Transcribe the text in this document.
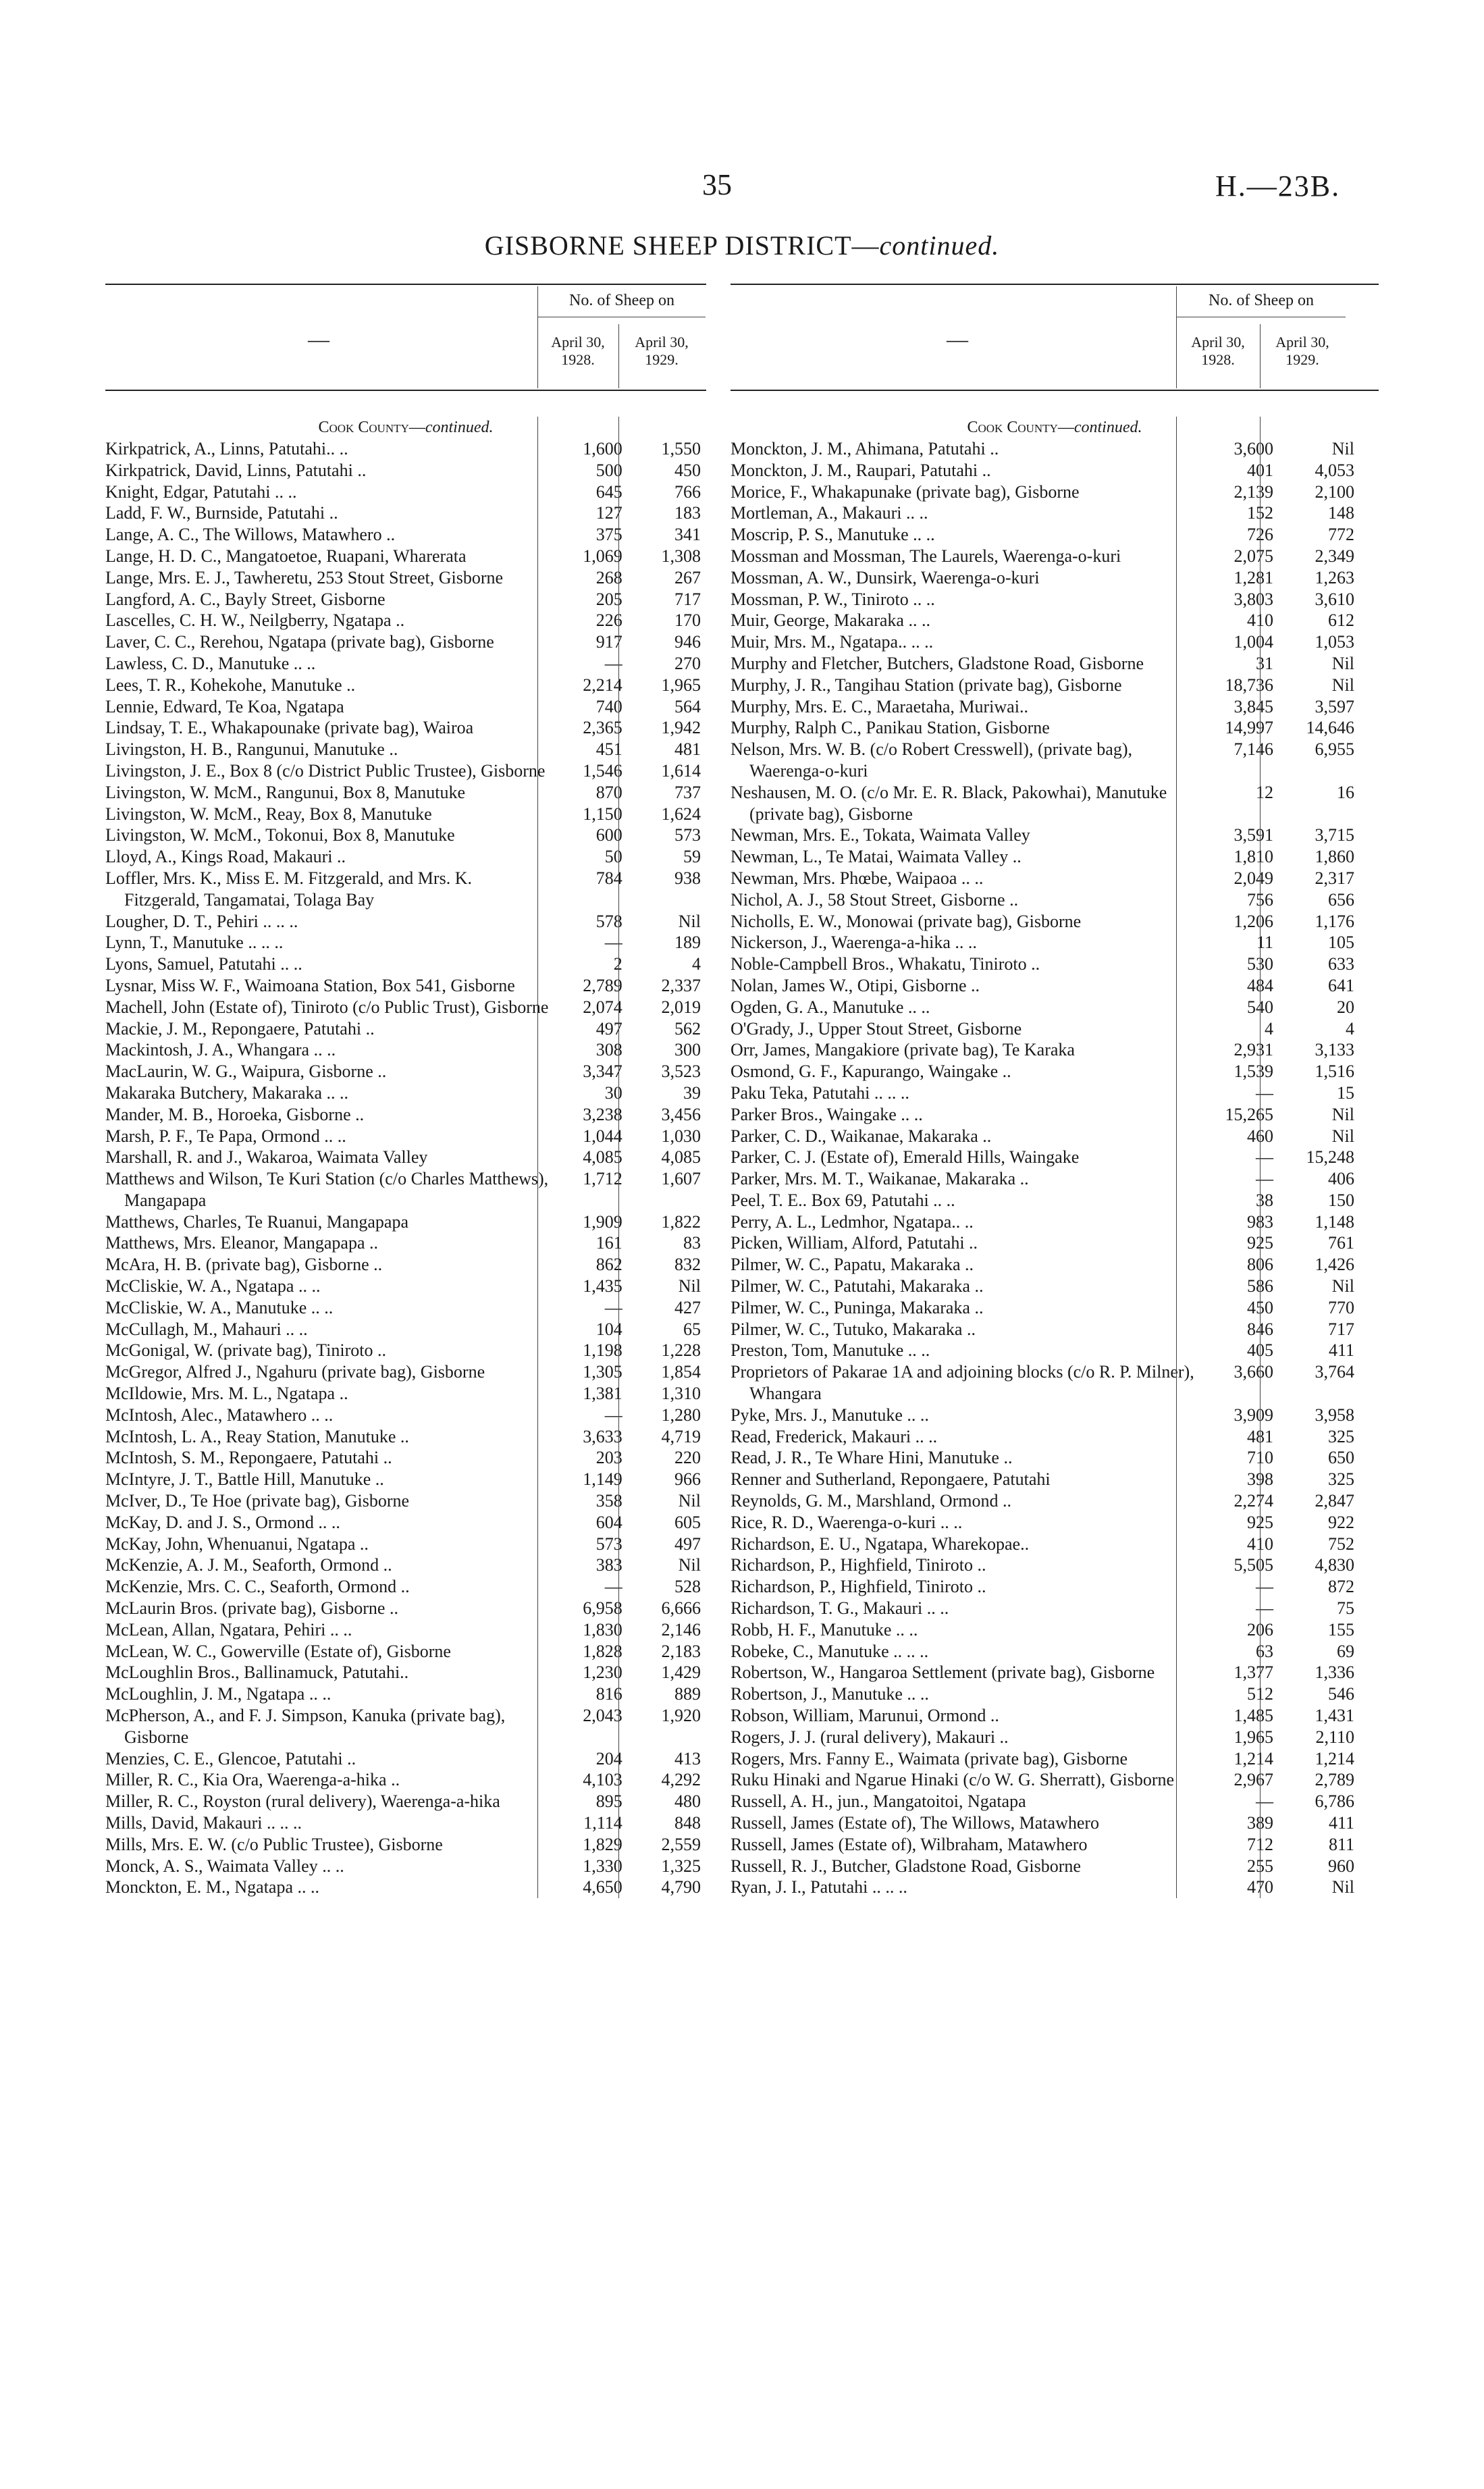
35	H.—23B.
GISBORNE SHEEP DISTRICT—continued.
—
No. of Sheep on
April 30,
1928.
April 30,
1929.
Cook County—continued.
Kirkpatrick, A., Linns, Patutahi.. ..	1,600	1,550
Kirkpatrick, David, Linns, Patutahi ..	500	450
Knight, Edgar, Patutahi .. ..	645	766
Ladd, F. W., Burnside, Patutahi ..	127	183
Lange, A. C., The Willows, Matawhero ..	375	341
Lange, H. D. C., Mangatoetoe, Ruapani, Wharerata	1,069	1,308
Lange, Mrs. E. J., Tawheretu, 253 Stout Street, Gisborne	268	267
Langford, A. C., Bayly Street, Gisborne	205	717
Lascelles, C. H. W., Neilgberry, Ngatapa ..	226	170
Laver, C. C., Rerehou, Ngatapa (private bag), Gisborne	917	946
Lawless, C. D., Manutuke .. ..	—	270
Lees, T. R., Kohekohe, Manutuke ..	2,214	1,965
Lennie, Edward, Te Koa, Ngatapa	740	564
Lindsay, T. E., Whakapounake (private bag), Wairoa	2,365	1,942
Livingston, H. B., Rangunui, Manutuke ..	451	481
Livingston, J. E., Box 8 (c/o District Public Trustee), Gisborne	1,546	1,614
Livingston, W. McM., Rangunui, Box 8, Manutuke	870	737
Livingston, W. McM., Reay, Box 8, Manutuke	1,150	1,624
Livingston, W. McM., Tokonui, Box 8, Manutuke	600	573
Lloyd, A., Kings Road, Makauri ..	50	59
Loffler, Mrs. K., Miss E. M. Fitzgerald, and Mrs. K. Fitzgerald, Tangamatai, Tolaga Bay
784	938
Lougher, D. T., Pehiri .. .. ..	578	Nil
Lynn, T., Manutuke .. .. ..	—	189
Lyons, Samuel, Patutahi .. ..	2	4
Lysnar, Miss W. F., Waimoana Station, Box 541, Gisborne	2,789	2,337
Machell, John (Estate of), Tiniroto (c/o Public Trust), Gisborne	2,074	2,019
Mackie, J. M., Repongaere, Patutahi ..	497	562
Mackintosh, J. A., Whangara .. ..	308	300
MacLaurin, W. G., Waipura, Gisborne ..	3,347	3,523
Makaraka Butchery, Makaraka .. ..	30	39
Mander, M. B., Horoeka, Gisborne ..	3,238	3,456
Marsh, P. F., Te Papa, Ormond .. ..	1,044	1,030
Marshall, R. and J., Wakaroa, Waimata Valley	4,085	4,085
Matthews and Wilson, Te Kuri Station (c/o Charles Matthews), Mangapapa
1,712	1,607
Matthews, Charles, Te Ruanui, Mangapapa	1,909	1,822
Matthews, Mrs. Eleanor, Mangapapa ..	161	83
McAra, H. B. (private bag), Gisborne ..	862	832
McCliskie, W. A., Ngatapa .. ..	1,435	Nil
McCliskie, W. A., Manutuke .. ..	—	427
McCullagh, M., Mahauri .. ..	104	65
McGonigal, W. (private bag), Tiniroto ..	1,198	1,228
McGregor, Alfred J., Ngahuru (private bag), Gisborne	1,305	1,854
McIldowie, Mrs. M. L., Ngatapa ..	1,381	1,310
McIntosh, Alec., Matawhero .. ..	—	1,280
McIntosh, L. A., Reay Station, Manutuke ..	3,633	4,719
McIntosh, S. M., Repongaere, Patutahi ..	203	220
McIntyre, J. T., Battle Hill, Manutuke ..	1,149	966
McIver, D., Te Hoe (private bag), Gisborne	358	Nil
McKay, D. and J. S., Ormond .. ..	604	605
McKay, John, Whenuanui, Ngatapa ..	573	497
McKenzie, A. J. M., Seaforth, Ormond ..	383	Nil
McKenzie, Mrs. C. C., Seaforth, Ormond ..	—	528
McLaurin Bros. (private bag), Gisborne ..	6,958	6,666
McLean, Allan, Ngatara, Pehiri .. ..	1,830	2,146
McLean, W. C., Gowerville (Estate of), Gisborne	1,828	2,183
McLoughlin Bros., Ballinamuck, Patutahi..	1,230	1,429
McLoughlin, J. M., Ngatapa .. ..	816	889
McPherson, A., and F. J. Simpson, Kanuka (private bag), Gisborne
2,043	1,920
Menzies, C. E., Glencoe, Patutahi ..	204	413
Miller, R. C., Kia Ora, Waerenga-a-hika ..	4,103	4,292
Miller, R. C., Royston (rural delivery), Waerenga-a-hika	895	480
Mills, David, Makauri .. .. ..	1,114	848
Mills, Mrs. E. W. (c/o Public Trustee), Gisborne	1,829	2,559
Monck, A. S., Waimata Valley .. ..	1,330	1,325
Monckton, E. M., Ngatapa .. ..	4,650	4,790
—
No. of Sheep on
April 30,
1928.
April 30,
1929.
Cook County—continued.
Monckton, J. M., Ahimana, Patutahi ..	3,600	Nil
Monckton, J. M., Raupari, Patutahi ..	401	4,053
Morice, F., Whakapunake (private bag), Gisborne	2,139	2,100
Mortleman, A., Makauri .. ..	152	148
Moscrip, P. S., Manutuke .. ..	726	772
Mossman and Mossman, The Laurels, Waerenga-o-kuri	2,075	2,349
Mossman, A. W., Dunsirk, Waerenga-o-kuri	1,281	1,263
Mossman, P. W., Tiniroto .. ..	3,803	3,610
Muir, George, Makaraka .. ..	410	612
Muir, Mrs. M., Ngatapa.. .. ..	1,004	1,053
Murphy and Fletcher, Butchers, Gladstone Road, Gisborne	31	Nil
Murphy, J. R., Tangihau Station (private bag), Gisborne	18,736	Nil
Murphy, Mrs. E. C., Maraetaha, Muriwai..	3,845	3,597
Murphy, Ralph C., Panikau Station, Gisborne	14,997	14,646
Nelson, Mrs. W. B. (c/o Robert Cresswell), (private bag), Waerenga-o-kuri
7,146	6,955
Neshausen, M. O. (c/o Mr. E. R. Black, Pakowhai), Manutuke (private bag), Gisborne
12	16
Newman, Mrs. E., Tokata, Waimata Valley	3,591	3,715
Newman, L., Te Matai, Waimata Valley ..	1,810	1,860
Newman, Mrs. Phœbe, Waipaoa .. ..	2,049	2,317
Nichol, A. J., 58 Stout Street, Gisborne ..	756	656
Nicholls, E. W., Monowai (private bag), Gisborne	1,206	1,176
Nickerson, J., Waerenga-a-hika .. ..	11	105
Noble-Campbell Bros., Whakatu, Tiniroto ..	530	633
Nolan, James W., Otipi, Gisborne ..	484	641
Ogden, G. A., Manutuke .. ..	540	20
O'Grady, J., Upper Stout Street, Gisborne	4	4
Orr, James, Mangakiore (private bag), Te Karaka	2,931	3,133
Osmond, G. F., Kapurango, Waingake ..	1,539	1,516
Paku Teka, Patutahi .. .. ..	—	15
Parker Bros., Waingake .. ..	15,265	Nil
Parker, C. D., Waikanae, Makaraka ..	460	Nil
Parker, C. J. (Estate of), Emerald Hills, Waingake	—	15,248
Parker, Mrs. M. T., Waikanae, Makaraka ..	—	406
Peel, T. E.. Box 69, Patutahi .. ..	38	150
Perry, A. L., Ledmhor, Ngatapa.. ..	983	1,148
Picken, William, Alford, Patutahi ..	925	761
Pilmer, W. C., Papatu, Makaraka ..	806	1,426
Pilmer, W. C., Patutahi, Makaraka ..	586	Nil
Pilmer, W. C., Puninga, Makaraka ..	450	770
Pilmer, W. C., Tutuko, Makaraka ..	846	717
Preston, Tom, Manutuke .. ..	405	411
Proprietors of Pakarae 1A and adjoining blocks (c/o R. P. Milner), Whangara
3,660	3,764
Pyke, Mrs. J., Manutuke .. ..	3,909	3,958
Read, Frederick, Makauri .. ..	481	325
Read, J. R., Te Whare Hini, Manutuke ..	710	650
Renner and Sutherland, Repongaere, Patutahi	398	325
Reynolds, G. M., Marshland, Ormond ..	2,274	2,847
Rice, R. D., Waerenga-o-kuri .. ..	925	922
Richardson, E. U., Ngatapa, Wharekopae..	410	752
Richardson, P., Highfield, Tiniroto ..	5,505	4,830
Richardson, P., Highfield, Tiniroto ..	—	872
Richardson, T. G., Makauri .. ..	—	75
Robb, H. F., Manutuke .. ..	206	155
Robeke, C., Manutuke .. .. ..	63	69
Robertson, W., Hangaroa Settlement (private bag), Gisborne	1,377	1,336
Robertson, J., Manutuke .. ..	512	546
Robson, William, Marunui, Ormond ..	1,485	1,431
Rogers, J. J. (rural delivery), Makauri ..	1,965	2,110
Rogers, Mrs. Fanny E., Waimata (private bag), Gisborne	1,214	1,214
Ruku Hinaki and Ngarue Hinaki (c/o W. G. Sherratt), Gisborne	2,967	2,789
Russell, A. H., jun., Mangatoitoi, Ngatapa	—	6,786
Russell, James (Estate of), The Willows, Matawhero	389	411
Russell, James (Estate of), Wilbraham, Matawhero	712	811
Russell, R. J., Butcher, Gladstone Road, Gisborne	255	960
Ryan, J. I., Patutahi .. .. ..	470	Nil
